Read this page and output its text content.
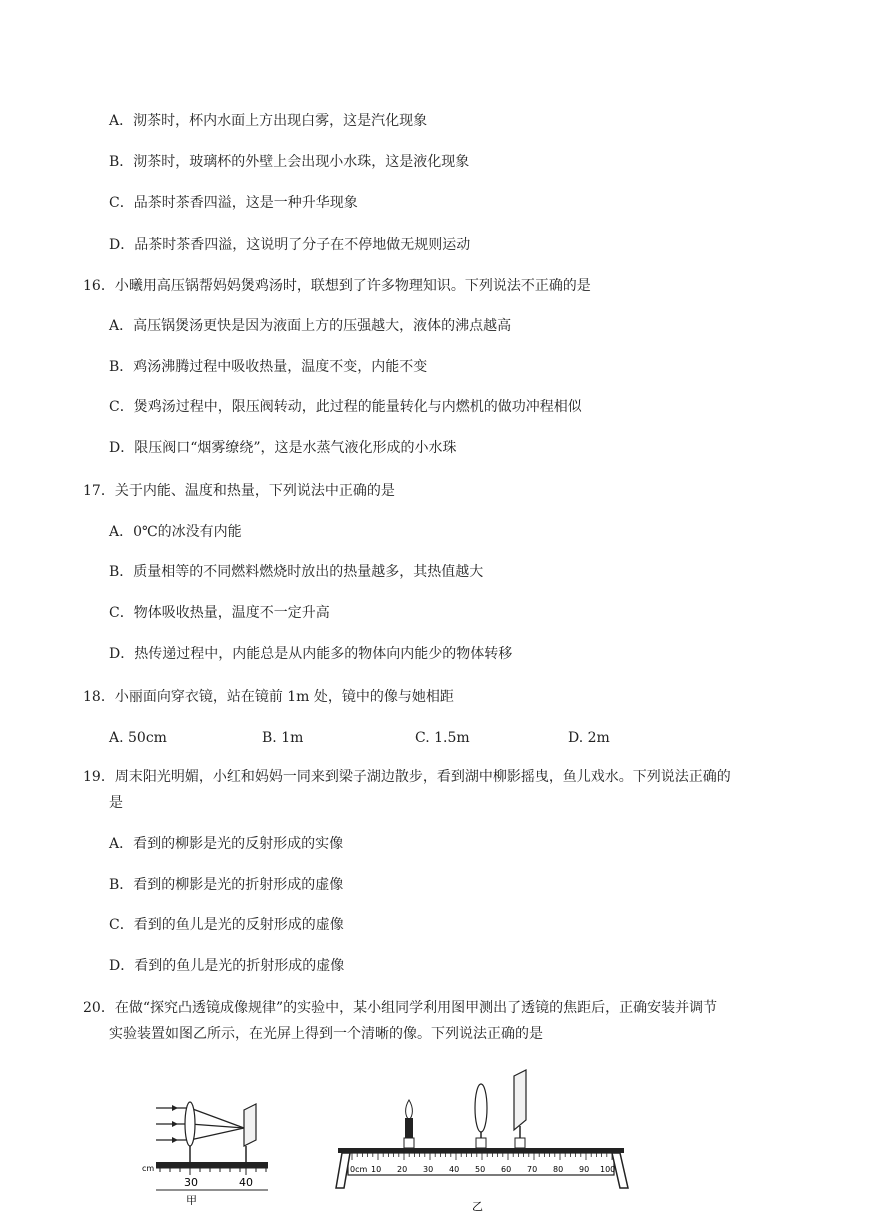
A．沏茶时，杯内水面上方出现白雾，这是汽化现象
B．沏茶时，玻璃杯的外壁上会出现小水珠，这是液化现象
C．品茶时茶香四溢，这是一种升华现象
D．品茶时茶香四溢，这说明了分子在不停地做无规则运动
16．小曦用高压锅帮妈妈煲鸡汤时，联想到了许多物理知识。下列说法不正确的是
A．高压锅煲汤更快是因为液面上方的压强越大，液体的沸点越高
B．鸡汤沸腾过程中吸收热量，温度不变，内能不变
C．煲鸡汤过程中，限压阀转动，此过程的能量转化与内燃机的做功冲程相似
D．限压阀口“烟雾缭绕”，这是水蒸气液化形成的小水珠
17．关于内能、温度和热量，下列说法中正确的是
A．0℃的冰没有内能
B．质量相等的不同燃料燃烧时放出的热量越多，其热值越大
C．物体吸收热量，温度不一定升高
D．热传递过程中，内能总是从内能多的物体向内能少的物体转移
18．小丽面向穿衣镜，站在镜前 1m 处，镜中的像与她相距
A. 50cm	B. 1m	C. 1.5m	D. 2m
19．周末阳光明媚，小红和妈妈一同来到梁子湖边散步，看到湖中柳影摇曳，鱼儿戏水。下列说法正确的
是
A．看到的柳影是光的反射形成的实像
B．看到的柳影是光的折射形成的虚像
C．看到的鱼儿是光的反射形成的虚像
D．看到的鱼儿是光的折射形成的虚像
20．在做“探究凸透镜成像规律”的实验中，某小组同学利用图甲测出了透镜的焦距后，正确安装并调节
实验装置如图乙所示，在光屏上得到一个清晰的像。下列说法正确的是
cm
30	40
甲
0cm 10 20 30 40 50 60 70 80 90 100
乙
